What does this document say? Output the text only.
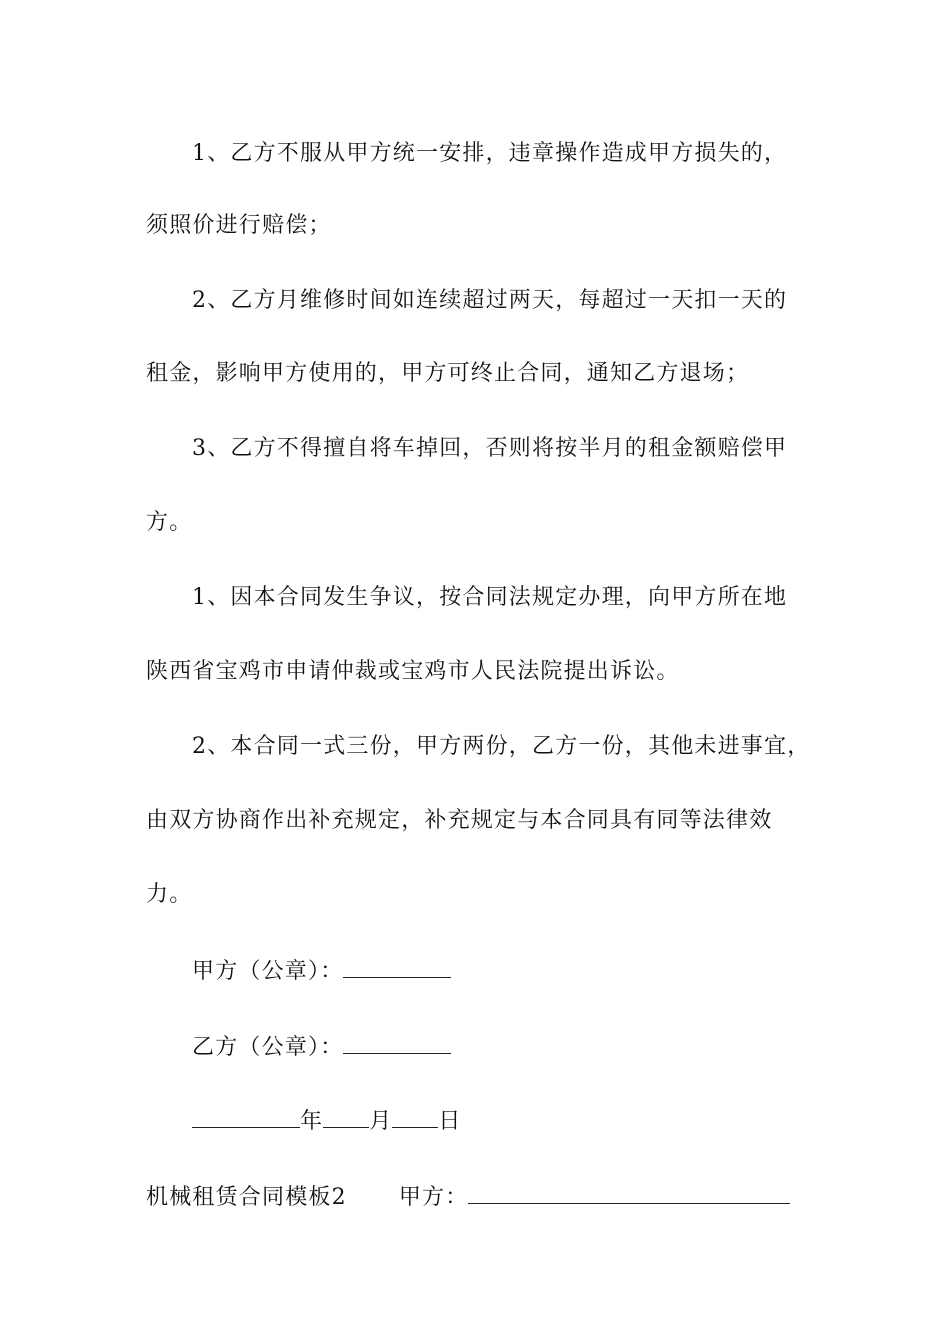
1、乙方不服从甲方统一安排，违章操作造成甲方损失的，
须照价进行赔偿；
2、乙方月维修时间如连续超过两天，每超过一天扣一天的
租金，影响甲方使用的，甲方可终止合同，通知乙方退场；
3、乙方不得擅自将车掉回，否则将按半月的租金额赔偿甲
方。
1、因本合同发生争议，按合同法规定办理，向甲方所在地
陕西省宝鸡市申请仲裁或宝鸡市人民法院提出诉讼。
2、本合同一式三份，甲方两份，乙方一份，其他未进事宜，
由双方协商作出补充规定，补充规定与本合同具有同等法律效
力。
甲方（公章）：
乙方（公章）：
年 月 日
机械租赁合同模板2 甲方：
